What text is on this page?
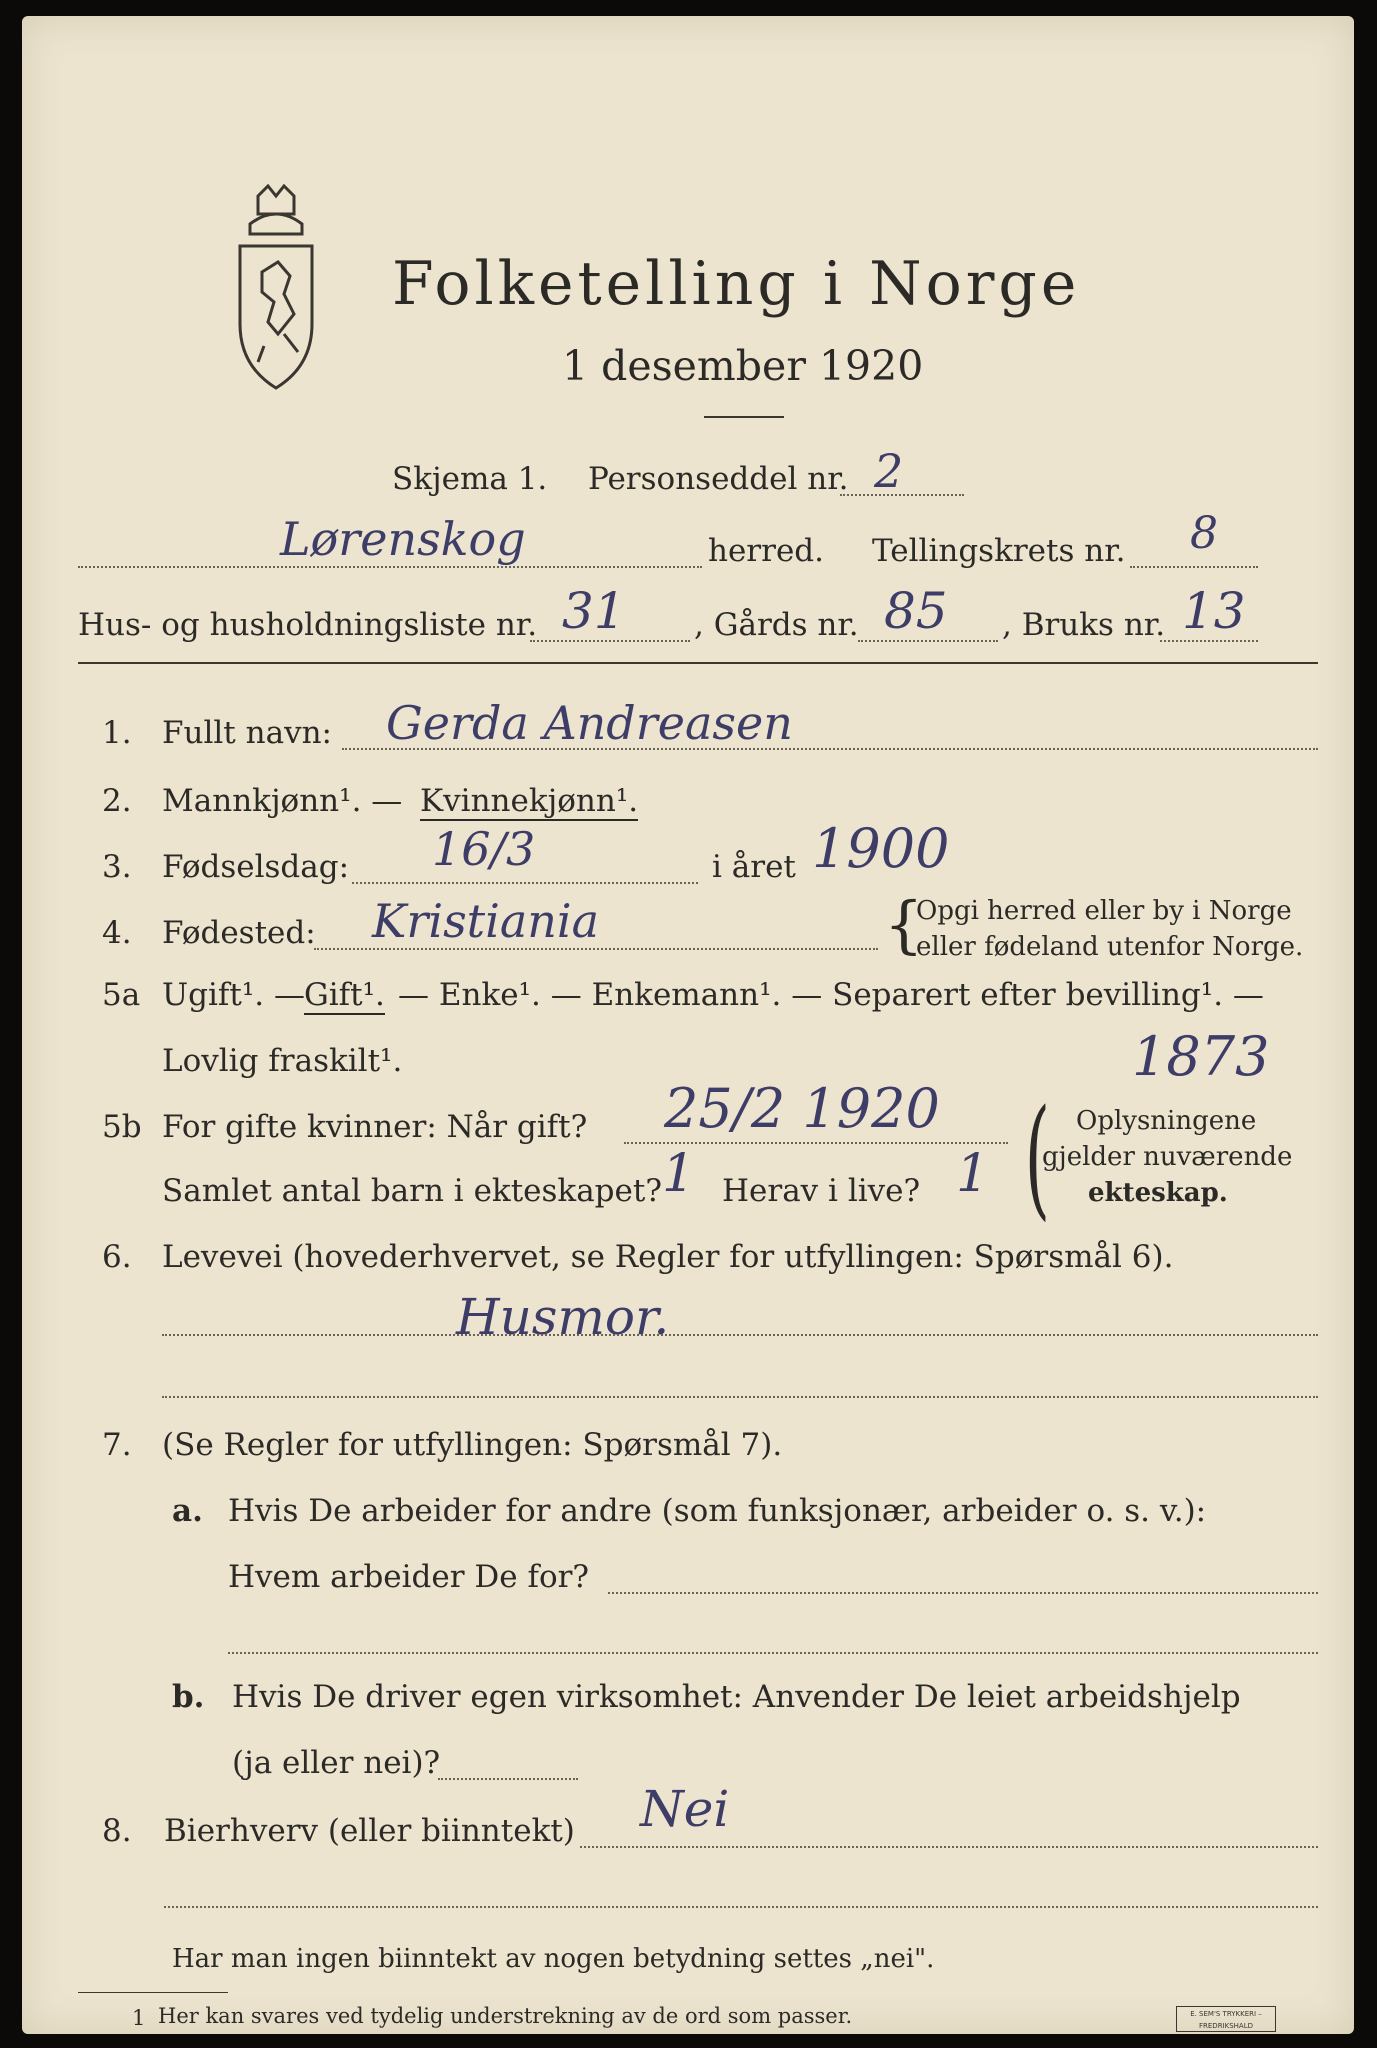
Folketelling i Norge
1 desember 1920
Skjema 1. Personseddel nr. 2
Lørenskog	herred. Tellingskrets nr. 8
Hus- og husholdningsliste nr. 31 , Gårds nr. 85 , Bruks nr. 13
1. Fullt navn: Gerda Andreasen
2. Mannkjønn¹. — Kvinnekjønn¹.
3. Fødselsdag: 16/3	i året 1900
4. Fødested: Kristiania	{
Opgi herred eller by i Norge
eller fødeland utenfor Norge.
5a Ugift¹. — Gift¹. — Enke¹. — Enkemann¹. — Separert efter bevilling¹. —
Lovlig fraskilt¹.	1873
5b For gifte kvinner: Når gift? 25/2 1920
Samlet antal barn i ekteskapet? 1 Herav i live? 1 ( Oplysningene
gjelder nuværende
ekteskap.
6. Levevei (hovederhvervet, se Regler for utfyllingen: Spørsmål 6).
Husmor.
7. (Se Regler for utfyllingen: Spørsmål 7).
a. Hvis De arbeider for andre (som funksjonær, arbeider o. s. v.):
Hvem arbeider De for?
b. Hvis De driver egen virksomhet: Anvender De leiet arbeidshjelp
(ja eller nei)?
8. Bierhverv (eller biinntekt) Nei
Har man ingen biinntekt av nogen betydning settes „nei".
1 Her kan svares ved tydelig understrekning av de ord som passer.	E. SEM'S TRYKKERI – FREDRIKSHALD
